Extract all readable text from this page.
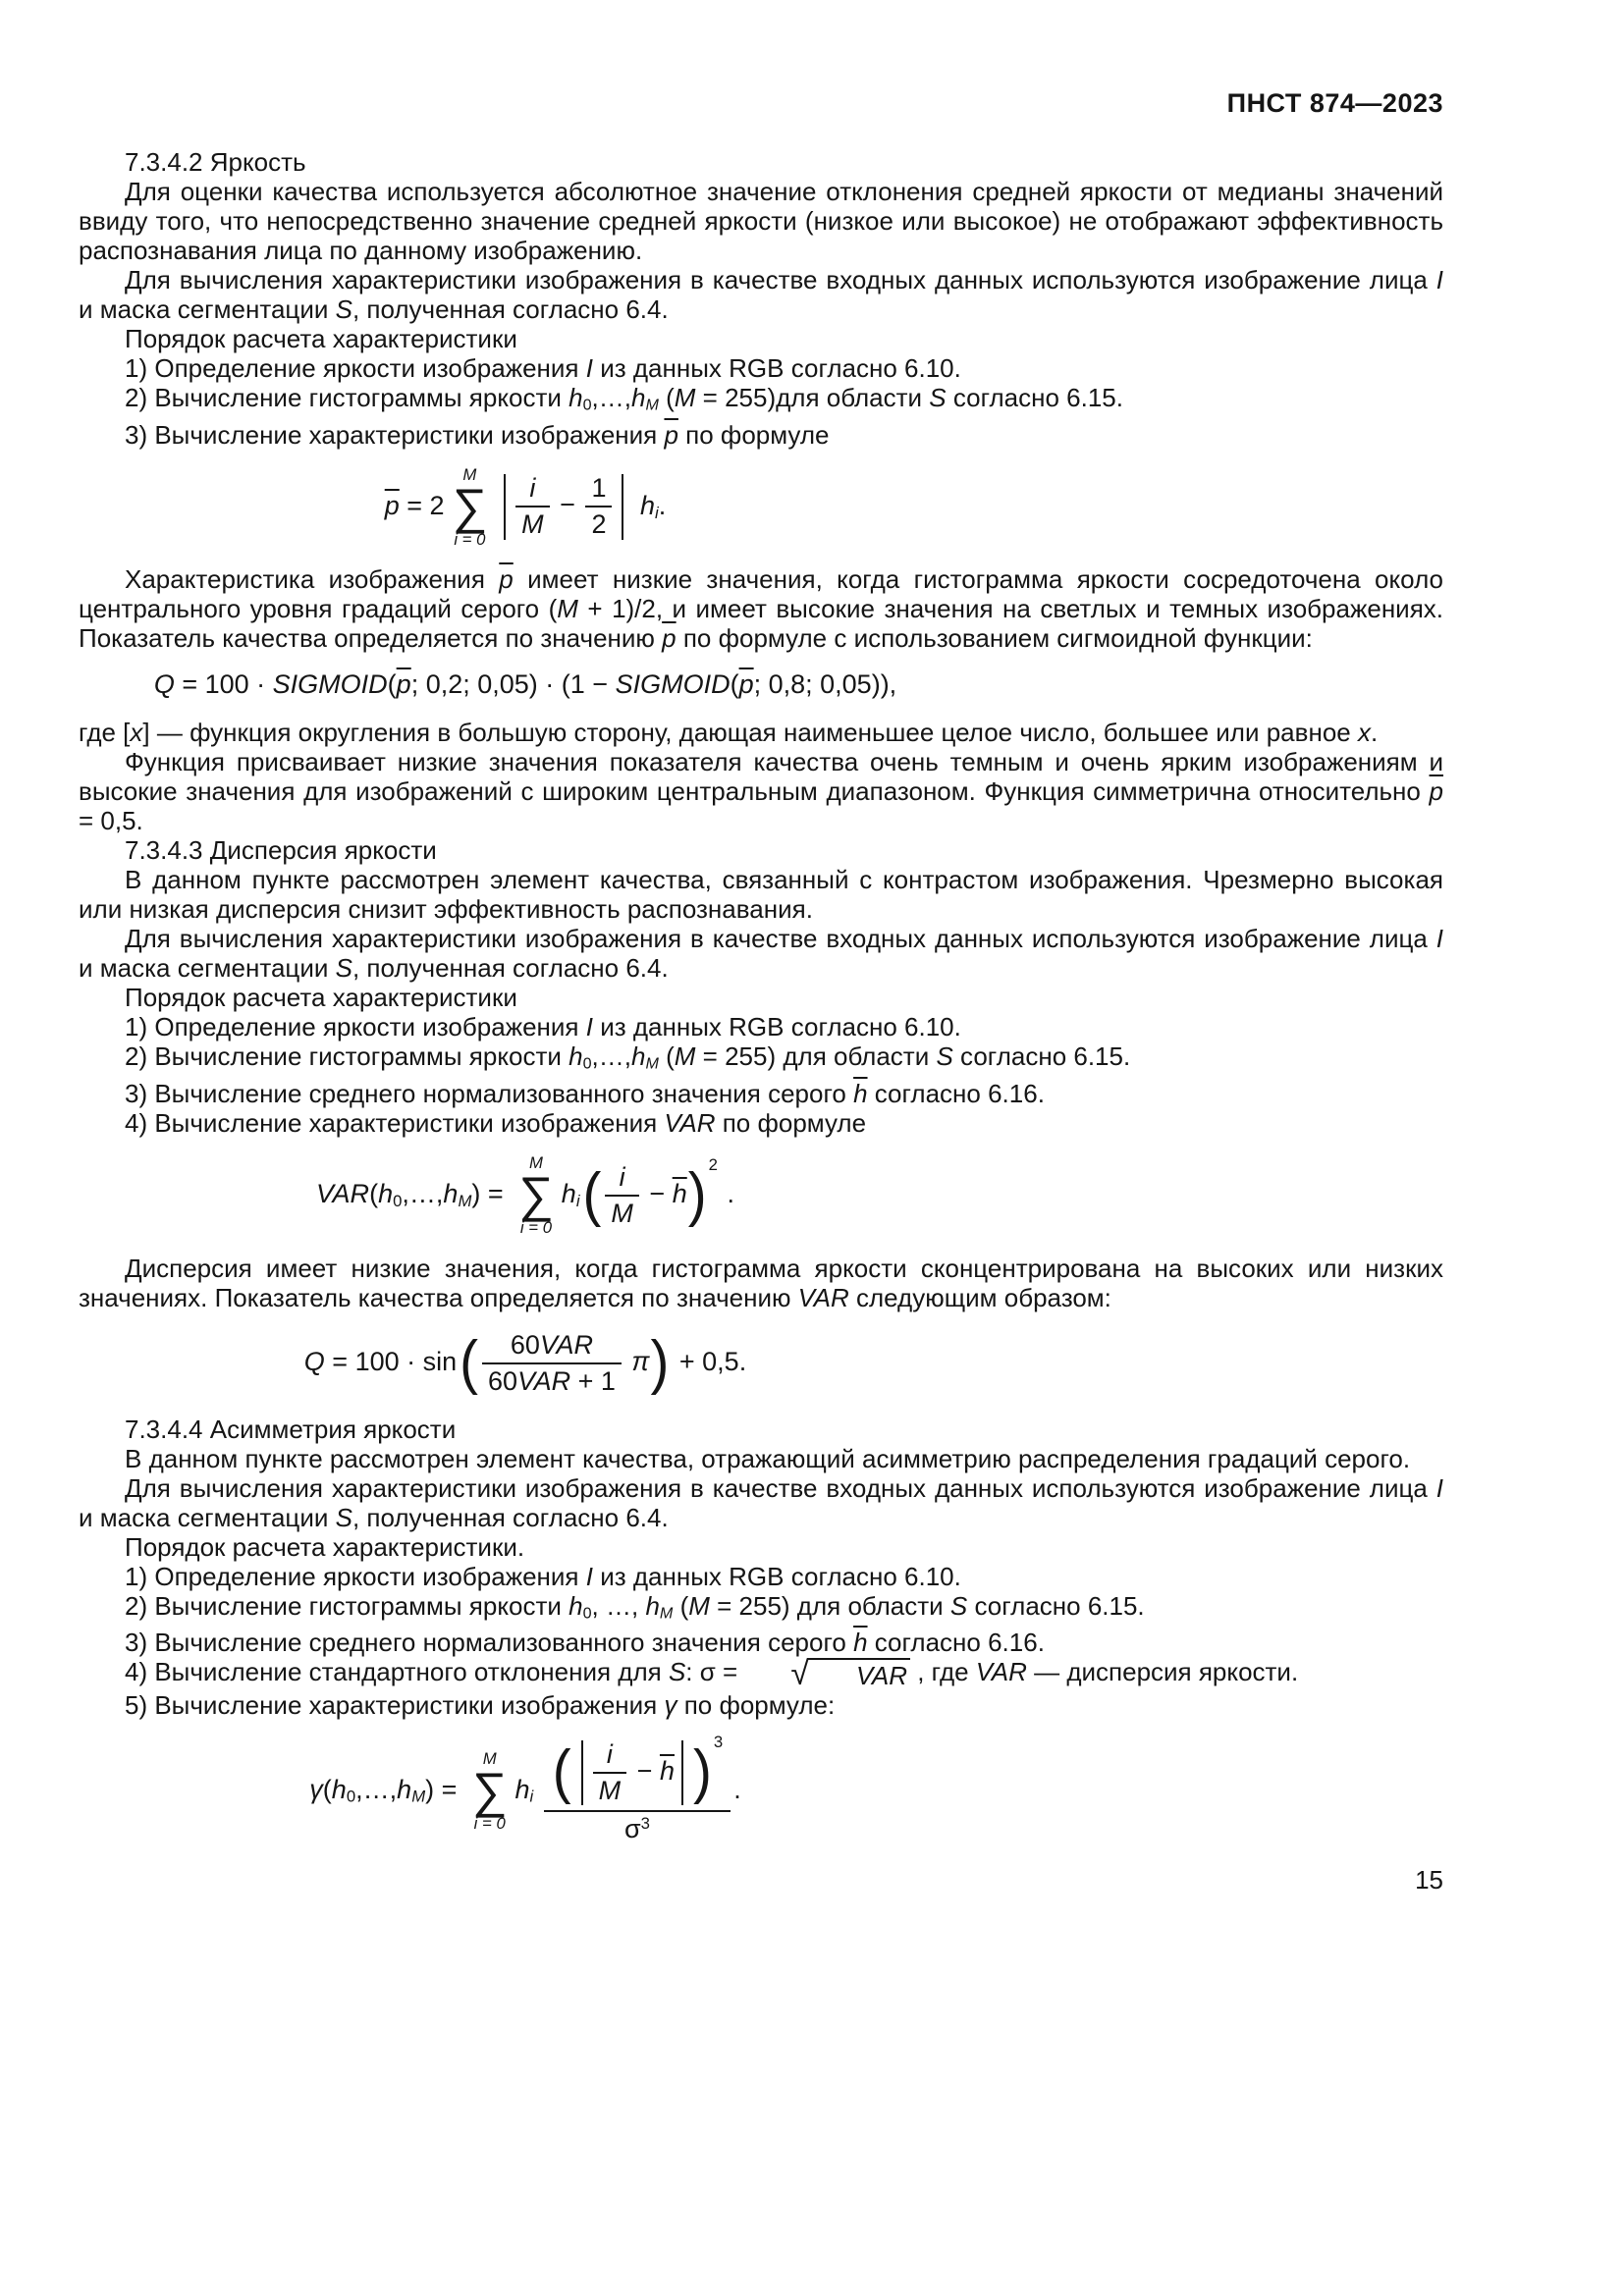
ПНСТ 874—2023

7.3.4.2 Яркость

Для оценки качества используется абсолютное значение отклонения средней яркости от медианы значений ввиду того, что непосредственно значение средней яркости (низкое или высокое) не отображают эффективность распознавания лица по данному изображению.

Для вычисления характеристики изображения в качестве входных данных используются изображение лица I и маска сегментации S, полученная согласно 6.4.

Порядок расчета характеристики

1) Определение яркости изображения I из данных RGB согласно 6.10.

2) Вычисление гистограммы яркости $h_0,\dots,h_M$ (M = 255)для области S согласно 6.15.

3) Вычисление характеристики изображения $\overline{p}$ по формуле

$\overline{p} = 2$
M
∑
$i = 0 \frac{i}{M} - \frac{1}{2} h_i$.

Характеристика изображения $\overline{p}$ имеет низкие значения, когда гистограмма яркости сосредоточена около центрального уровня градаций серого (M + 1)/2, и имеет высокие значения на светлых и темных изображениях. Показатель качества определяется по значению $\overline{p}$ по формуле с использованием сигмоидной функции:

$Q = 100 \cdot SIGMOID(\overline{p}$; 0,2; $0,05) \cdot (1 - SIGMOID(\overline{p}$; 0,8; 0,05)),

где [x] — функция округления в большую сторону, дающая наименьшее целое число, большее или равное x.

Функция присваивает низкие значения показателя качества очень темным и очень ярким изображениям и высокие значения для изображений с широким центральным диапазоном. Функция симметрична относительно $\overline{p} = 0,5$.

7.3.4.3 Дисперсия яркости

В данном пункте рассмотрен элемент качества, связанный с контрастом изображения. Чрезмерно высокая или низкая дисперсия снизит эффективность распознавания.

Для вычисления характеристики изображения в качестве входных данных используются изображение лица I и маска сегментации S, полученная согласно 6.4.

Порядок расчета характеристики

1) Определение яркости изображения I из данных RGB согласно 6.10.

2) Вычисление гистограммы яркости $h_0,\dots,h_M$ (M = 255) для области S согласно 6.15.

3) Вычисление среднего нормализованного значения серого $\overline{h}$ согласно 6.16.

4) Вычисление характеристики изображения VAR по формуле

$VAR(h_0,\dots,h_M)$ =
M
∑
i = 0
$h_i$ ( $\frac{i}{M} - \overline{h}$ ) 2
.

Дисперсия имеет низкие значения, когда гистограмма яркости сконцентрирована на высоких или низких значениях. Показатель качества определяется по значению VAR следующим образом:

Q = 100 · sin ( $\frac{\text{60VAR}}{\text{60VAR + 1}}$ π ) + 0,5.

7.3.4.4 Асимметрия яркости

В данном пункте рассмотрен элемент качества, отражающий асимметрию распределения градаций серого.

Для вычисления характеристики изображения в качестве входных данных используются изображение лица I и маска сегментации S, полученная согласно 6.4.

Порядок расчета характеристики.

1) Определение яркости изображения I из данных RGB согласно 6.10.

2) Вычисление гистограммы яркости $h_0$, …, $h_M$ (M = 255) для области S согласно 6.15.

3) Вычисление среднего нормализованного значения серого $\overline{h}$ согласно 6.16.

4) Вычисление стандартного отклонения для S: σ =	√	VAR , где VAR — дисперсия яркости.

5) Вычисление характеристики изображения γ по формуле:

$\gamma(h_0,\dots,h_M)$ =
M
∑
i = 0
$h_i \frac{( \frac{i}{M} - \overline{h} ) 3}{\sigma^3}$ .
15
